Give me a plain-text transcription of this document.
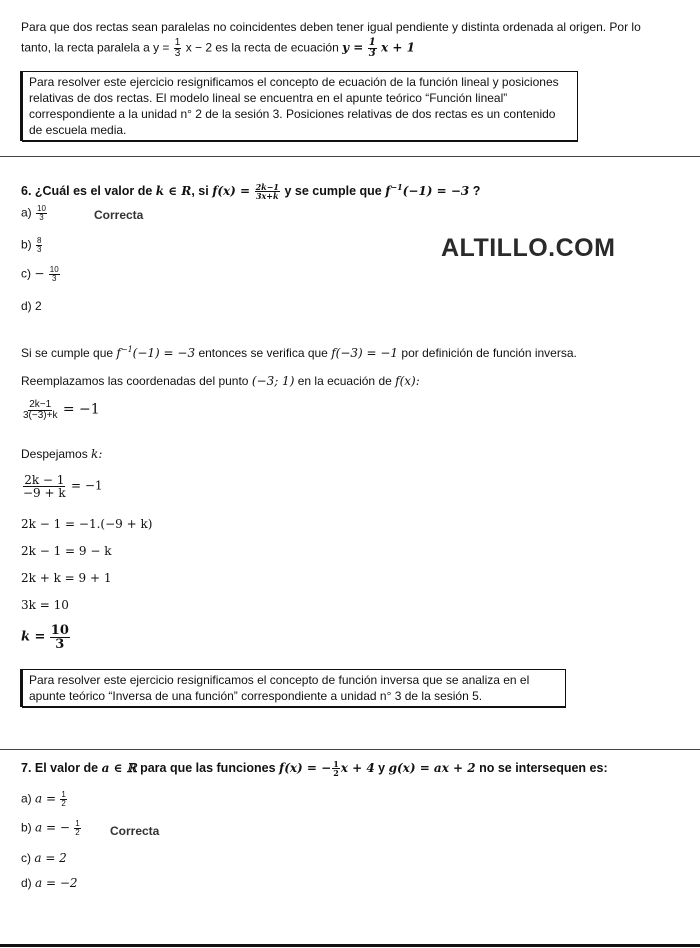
Para que dos rectas sean paralelas no coincidentes deben tener igual pendiente y distinta ordenada al origen. Por lo
tanto, la recta paralela a $y = \frac{1}{3}$ x − 2 es la recta de ecuación $y = \frac{1}{3}$ x + 1
Para resolver este ejercicio resignificamos el concepto de ecuación de la función lineal y posiciones relativas de dos rectas. El modelo lineal se encuentra en el apunte teórico “Función lineal” correspondiente a la unidad n° 2 de la sesión 3. Posiciones relativas de dos rectas es un contenido de escuela media.
6. ¿Cuál es el valor de k ∈ R, si $f(x) = \frac{2k-1}{3x+k}$ y se cumple que $f^{-1}(-1) = -3$ ?
$a) \frac{10}{3}$	Correcta
$b) \frac{8}{3}$	ALTILLO.COM
$c) - \frac{10}{3}$
d) 2
Si se cumple que $f^{-1}(-1) = -3$ entonces se verifica que f(−3) = −1 por definición de función inversa.
Reemplazamos las coordenadas del punto (−3; 1) en la ecuación de f(x):
$\frac{2k-1}{3(-3)+k} = -1$
Despejamos k:
$\frac{2k - 1}{-9 + k} = -1$
2k − 1 = −1.(−9 + k)
2k − 1 = 9 − k
2k + k = 9 + 1
3k = 10
$k = \frac{10}{3}$
Para resolver este ejercicio resignificamos el concepto de función inversa que se analiza en el apunte teórico “Inversa de una función” correspondiente a unidad n° 3 de la sesión 5.
7. El valor de a ∈ ℝ para que las funciones f(x) = − $\frac{1}{2}$ x + 4 y g(x) = ax + 2 no se intersequen es:
a) $a = \frac{1}{2}$
b) a = − $\frac{1}{2}$ Correcta
c) a = 2
d) a = −2
